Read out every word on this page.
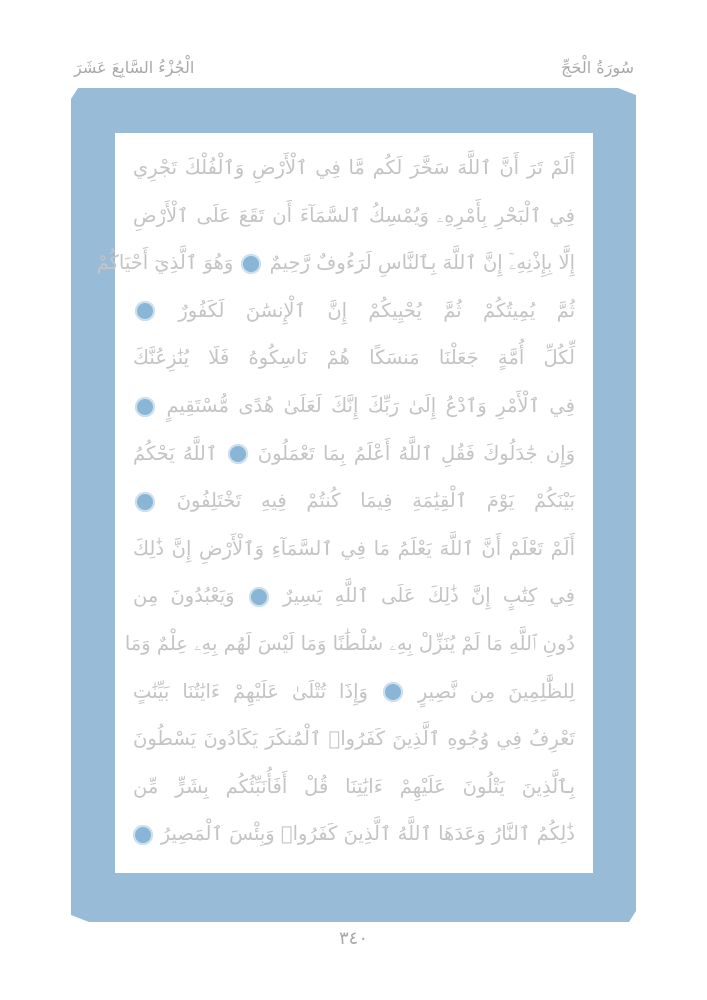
سُورَةُ الْحَجِّ
الْجُزْءُ السَّابِعَ عَشَرَ
أَلَمْ تَرَ أَنَّ ٱللَّهَ سَخَّرَ لَكُم مَّا فِي ٱلْأَرْضِ وَٱلْفُلْكَ تَجْرِي
فِي ٱلْبَحْرِ بِأَمْرِهِۦ وَيُمْسِكُ ٱلسَّمَآءَ أَن تَقَعَ عَلَى ٱلْأَرْضِ
إِلَّا بِإِذْنِهِۦٓ إِنَّ ٱللَّهَ بِٱلنَّاسِ لَرَءُوفٌ رَّحِيمٌ  وَهُوَ ٱلَّذِيٓ أَحْيَاكُمْ
ثُمَّ يُمِيتُكُمْ ثُمَّ يُحْيِيكُمْ إِنَّ ٱلْإِنسَٰنَ لَكَفُورٌ
لِّكُلِّ أُمَّةٍ جَعَلْنَا مَنسَكًا هُمْ نَاسِكُوهُ فَلَا يُنَٰزِعُنَّكَ
فِي ٱلْأَمْرِ وَٱدْعُ إِلَىٰ رَبِّكَ إِنَّكَ لَعَلَىٰ هُدًى مُّسْتَقِيمٍ
وَإِن جَٰدَلُوكَ فَقُلِ ٱللَّهُ أَعْلَمُ بِمَا تَعْمَلُونَ  ٱللَّهُ يَحْكُمُ
بَيْنَكُمْ يَوْمَ ٱلْقِيَٰمَةِ فِيمَا كُنتُمْ فِيهِ تَخْتَلِفُونَ
أَلَمْ تَعْلَمْ أَنَّ ٱللَّهَ يَعْلَمُ مَا فِي ٱلسَّمَآءِ وَٱلْأَرْضِ إِنَّ ذَٰلِكَ
فِي كِتَٰبٍ إِنَّ ذَٰلِكَ عَلَى ٱللَّهِ يَسِيرٌ  وَيَعْبُدُونَ مِن
دُونِ ٱللَّهِ مَا لَمْ يُنَزِّلْ بِهِۦ سُلْطَٰنًا وَمَا لَيْسَ لَهُم بِهِۦ عِلْمٌ وَمَا
لِلظَّٰلِمِينَ مِن نَّصِيرٍ  وَإِذَا تُتْلَىٰ عَلَيْهِمْ ءَايَٰتُنَا بَيِّنَٰتٍ
تَعْرِفُ فِي وُجُوهِ ٱلَّذِينَ كَفَرُوا۟ ٱلْمُنكَرَ يَكَادُونَ يَسْطُونَ
بِٱلَّذِينَ يَتْلُونَ عَلَيْهِمْ ءَايَٰتِنَا قُلْ أَفَأُنَبِّئُكُم بِشَرٍّ مِّن
ذَٰلِكُمُ ٱلنَّارُ وَعَدَهَا ٱللَّهُ ٱلَّذِينَ كَفَرُوا۟ وَبِئْسَ ٱلْمَصِيرُ
٣٤٠
